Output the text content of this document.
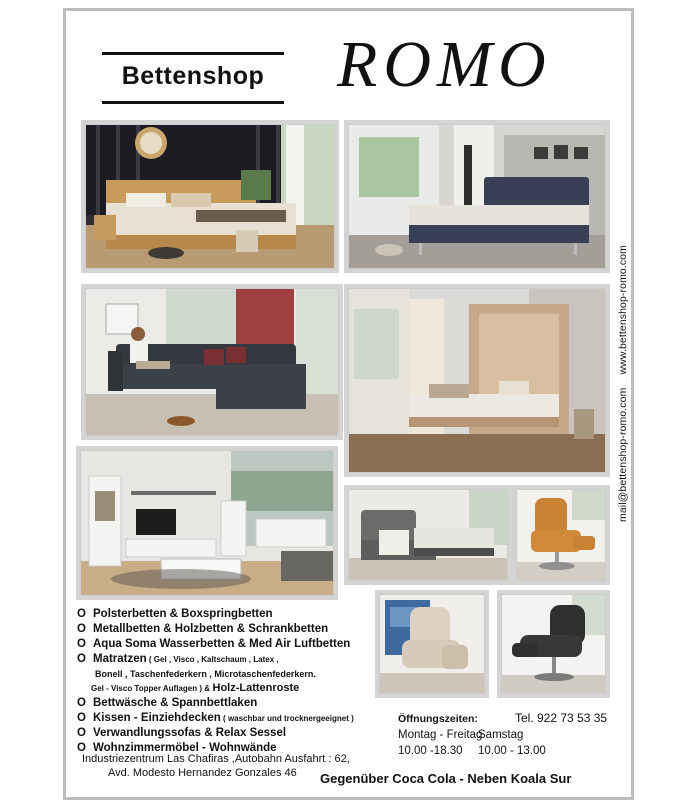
Bettenshop ROMO
mail@bettenshop-romo.com www.bettenshop-romo.com
O Polsterbetten & Boxspringbetten
O Metallbetten & Holzbetten & Schrankbetten
O Aqua Soma Wasserbetten & Med Air Luftbetten
O Matratzen ( Gel , Visco , Kaltschaum , Latex ,
Bonell , Taschenfederkern , Microtaschenfederkern.
Gel - Visco Topper Auflagen ) & Holz-Lattenroste
O Bettwäsche & Spannbettlaken
O Kissen - Einziehdecken ( waschbar und trocknergeeignet )
O Verwandlungssofas & Relax Sessel
O Wohnzimmermöbel - Wohnwände
Öffnungszeiten:	Tel. 922 73 53 35
Montag - Freitag
Samstag
10.00 -18.30 10.00 - 13.00
Industriezentrum Las Chafiras ,Autobahn Ausfahrt : 62,
Avd. Modesto Hernandez Gonzales 46	Gegenüber Coca Cola - Neben Koala Sur
